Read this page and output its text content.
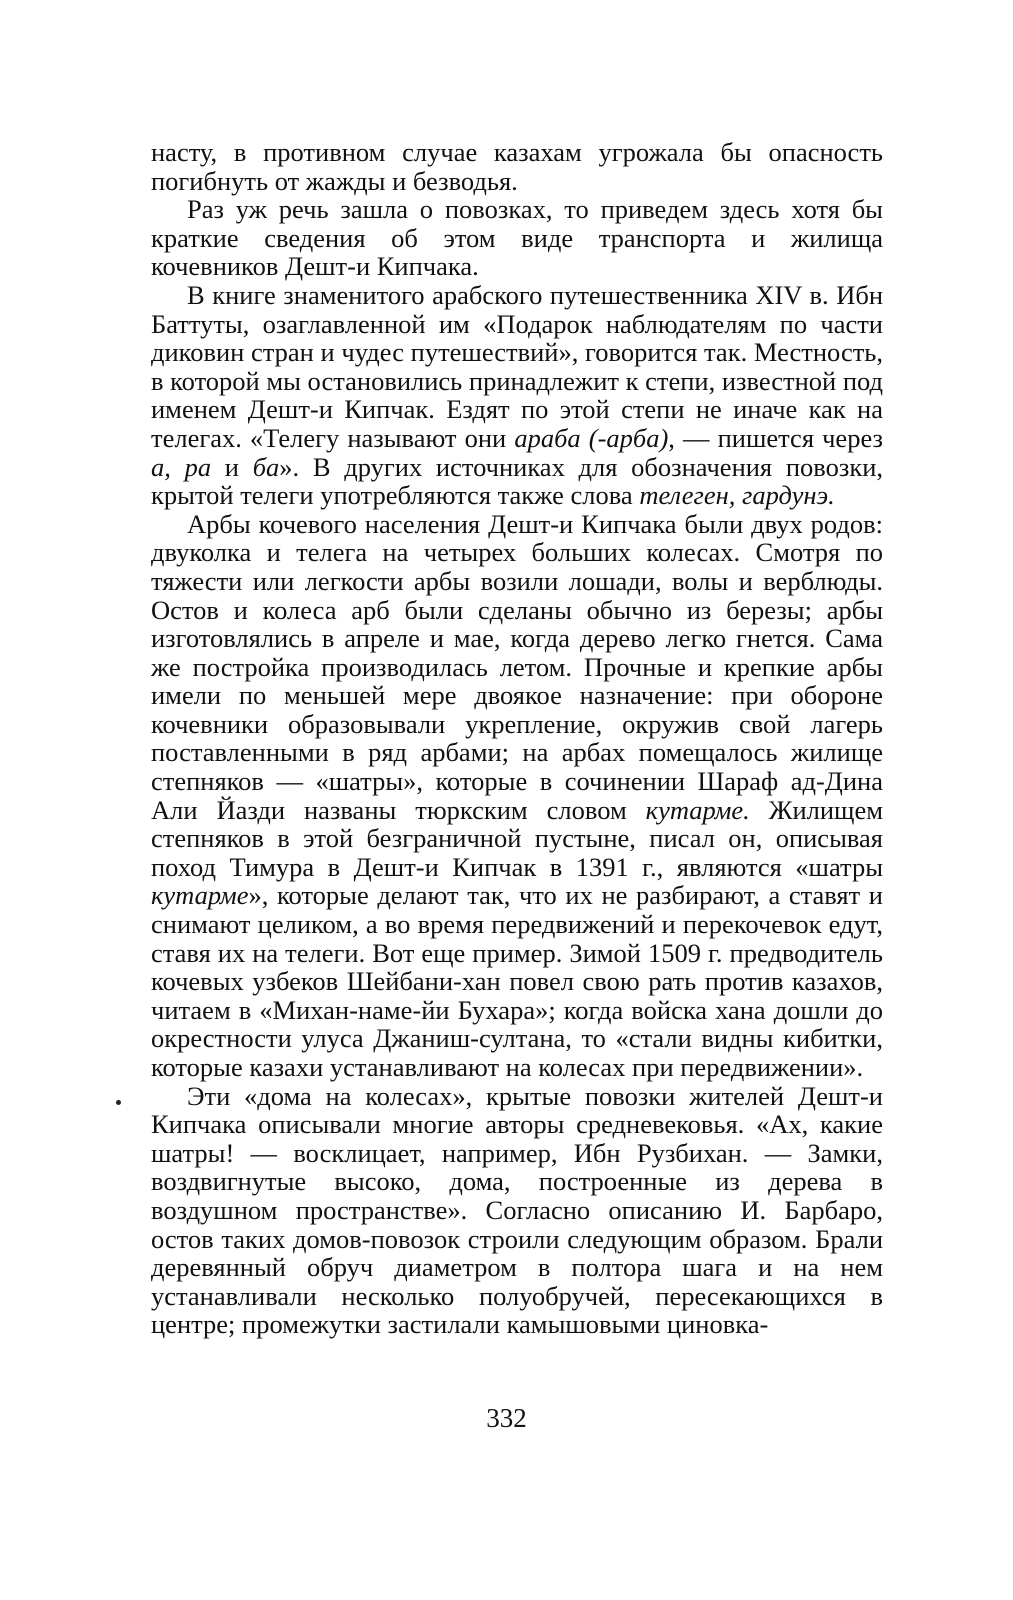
насту, в противном случае казахам угрожала бы опасность погибнуть от жажды и безводья.

Раз уж речь зашла о повозках, то приведем здесь хотя бы краткие сведения об этом виде транспорта и жилища кочевников Дешт-и Кипчака.

В книге знаменитого арабского путешественника XIV в. Ибн Баттуты, озаглавленной им «Подарок наблюдателям по части диковин стран и чудес путешествий», говорится так. Местность, в которой мы остановились принадлежит к степи, известной под именем Дешт-и Кипчак. Ездят по этой степи не иначе как на телегах. «Телегу называют они араба (-арба), — пишется через а, ра и ба». В других источниках для обозначения повозки, крытой телеги употребляются также слова телеген, гардунэ.

Арбы кочевого населения Дешт-и Кипчака были двух родов: двуколка и телега на четырех больших колесах. Смотря по тяжести или легкости арбы возили лошади, волы и верблюды. Остов и колеса арб были сделаны обычно из березы; арбы изготовлялись в апреле и мае, когда дерево легко гнется. Сама же постройка производилась летом. Прочные и крепкие арбы имели по меньшей мере двоякое назначение: при обороне кочевники образовывали укрепление, окружив свой лагерь поставленными в ряд арбами; на арбах помещалось жилище степняков — «шатры», которые в сочинении Шараф ад-Дина Али Йазди названы тюркским словом кутарме. Жилищем степняков в этой безграничной пустыне, писал он, описывая поход Тимура в Дешт-и Кипчак в 1391 г., являются «шатры кутарме», которые делают так, что их не разбирают, а ставят и снимают целиком, а во время передвижений и перекочевок едут, ставя их на телеги. Вот еще пример. Зимой 1509 г. предводитель кочевых узбеков Шейбани-хан повел свою рать против казахов, читаем в «Михан-наме-йи Бухара»; когда войска хана дошли до окрестности улуса Джаниш-султана, то «стали видны кибитки, которые казахи устанавливают на колесах при передвижении».

Эти «дома на колесах», крытые повозки жителей Дешт-и Кипчака описывали многие авторы средневековья. «Ах, какие шатры! — восклицает, например, Ибн Рузбихан. — Замки, воздвигнутые высоко, дома, построенные из дерева в воздушном пространстве». Согласно описанию И. Барбаро, остов таких домов-повозок строили следующим образом. Брали деревянный обруч диаметром в полтора шага и на нем устанавливали несколько полуобручей, пересекающихся в центре; промежутки застилали камышовыми циновка-

332
